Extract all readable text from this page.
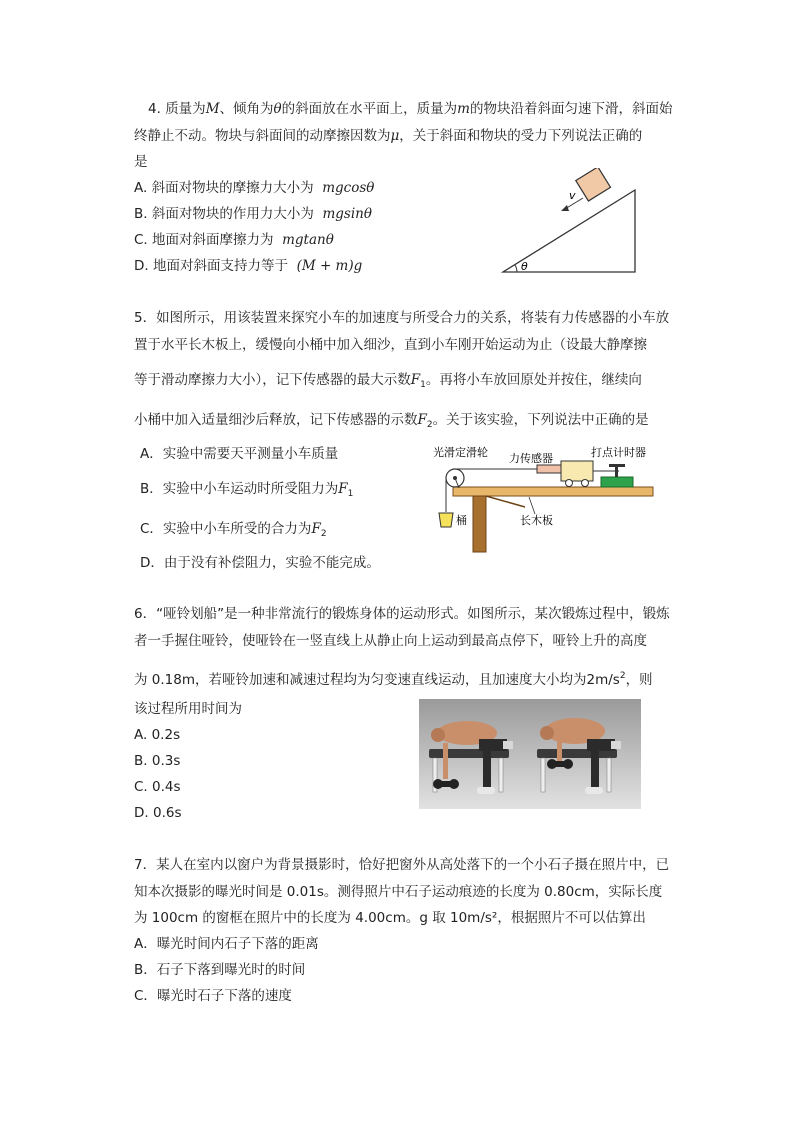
4. 质量为M、倾角为θ的斜面放在水平面上，质量为m的物块沿着斜面匀速下滑，斜面始
终静止不动。物块与斜面间的动摩擦因数为μ，关于斜面和物块的受力下列说法正确的
是
A. 斜面对物块的摩擦力大小为 mgcosθ
B. 斜面对物块的作用力大小为 mgsinθ
C. 地面对斜面摩擦力为 mgtanθ
D. 地面对斜面支持力等于 (M + m)g
v
θ
5．如图所示，用该装置来探究小车的加速度与所受合力的关系，将装有力传感器的小车放
置于水平长木板上，缓慢向小桶中加入细沙，直到小车刚开始运动为止（设最大静摩擦
等于滑动摩擦力大小），记下传感器的最大示数$F_1$。再将小车放回原处并按住，继续向
小桶中加入适量细沙后释放，记下传感器的示数$F_2$。关于该实验，下列说法中正确的是
A．实验中需要天平测量小车质量
B．实验中小车运动时所受阻力为$F_1$
C．实验中小车所受的合力为$F_2$
D．由于没有补偿阻力，实验不能完成。
桶
光滑定滑轮 力传感器	打点计时器
长木板
6．“哑铃划船”是一种非常流行的锻炼身体的运动形式。如图所示，某次锻炼过程中，锻炼
者一手握住哑铃，使哑铃在一竖直线上从静止向上运动到最高点停下，哑铃上升的高度
为 0.18m，若哑铃加速和减速过程均为匀变速直线运动，且加速度大小均为$2m/s^2$，则
该过程所用时间为
A. 0.2s
B. 0.3s
C. 0.4s
D. 0.6s
7．某人在室内以窗户为背景摄影时，恰好把窗外从高处落下的一个小石子摄在照片中，已
知本次摄影的曝光时间是 0.01s。测得照片中石子运动痕迹的长度为 0.80cm，实际长度
为 100cm 的窗框在照片中的长度为 4.00cm。g 取 10m/s²，根据照片不可以估算出
A．曝光时间内石子下落的距离
B．石子下落到曝光时的时间
C．曝光时石子下落的速度
